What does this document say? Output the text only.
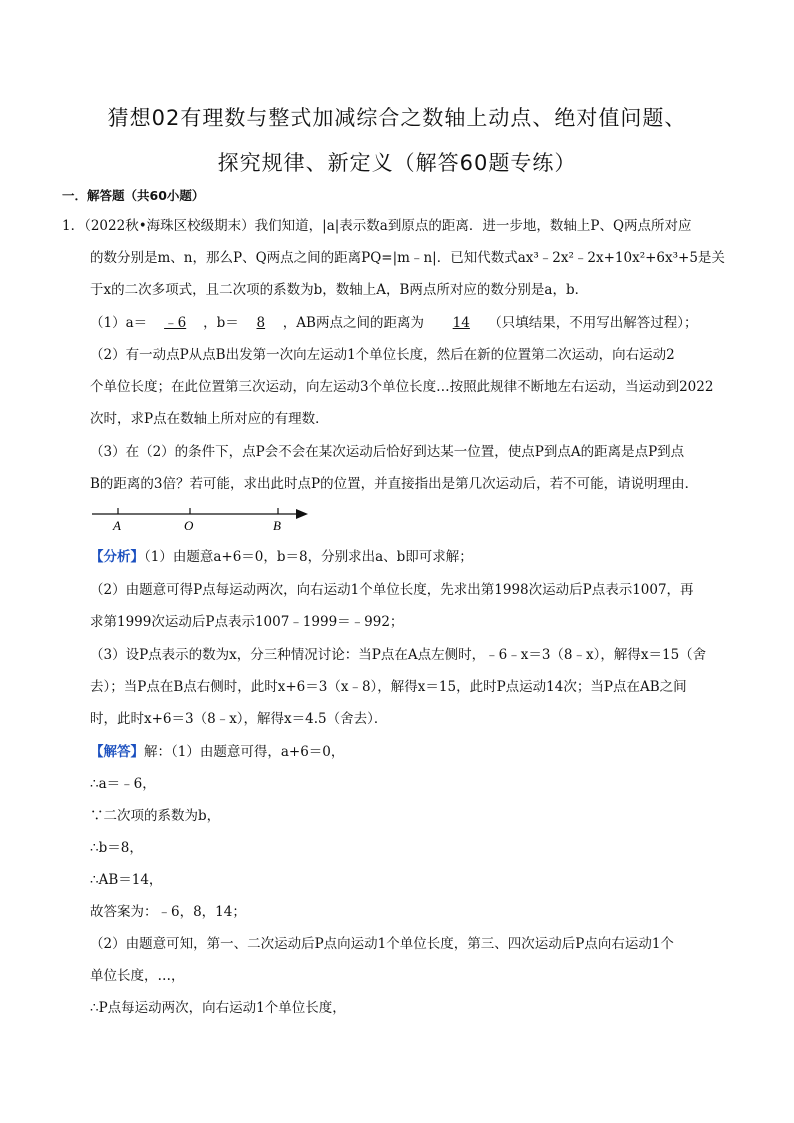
猜想02有理数与整式加减综合之数轴上动点、绝对值问题、
探究规律、新定义（解答60题专练）
一．解答题（共60小题）
1．（2022秋•海珠区校级期末）我们知道，|a|表示数a到原点的距离．进一步地，数轴上P、Q两点所对应
的数分别是m、n，那么P、Q两点之间的距离PQ=|m﹣n|．已知代数式ax³﹣2x²﹣2x+10x²+6x³+5是关
于x的二次多项式，且二次项的系数为b，数轴上A，B两点所对应的数分别是a，b．
（1）a＝ ﹣6 ，b＝ 8 ，AB两点之间的距离为 14 （只填结果，不用写出解答过程）；
（2）有一动点P从点B出发第一次向左运动1个单位长度，然后在新的位置第二次运动，向右运动2
个单位长度；在此位置第三次运动，向左运动3个单位长度…按照此规律不断地左右运动，当运动到2022
次时，求P点在数轴上所对应的有理数．
（3）在（2）的条件下，点P会不会在某次运动后恰好到达某一位置，使点P到点A的距离是点P到点
B的距离的3倍？若可能，求出此时点P的位置，并直接指出是第几次运动后，若不可能，请说明理由．
A	O	B
【分析】（1）由题意a+6＝0，b＝8，分别求出a、b即可求解；
（2）由题意可得P点每运动两次，向右运动1个单位长度，先求出第1998次运动后P点表示1007，再
求第1999次运动后P点表示1007﹣1999＝﹣992；
（3）设P点表示的数为x，分三种情况讨论：当P点在A点左侧时，﹣6﹣x＝3（8﹣x），解得x＝15（舍
去）；当P点在B点右侧时，此时x+6＝3（x﹣8），解得x＝15，此时P点运动14次；当P点在AB之间
时，此时x+6＝3（8﹣x），解得x＝4.5（舍去）．
【解答】解：（1）由题意可得，a+6＝0，
∴a＝﹣6，
∵二次项的系数为b，
∴b＝8，
∴AB＝14，
故答案为：﹣6，8，14；
（2）由题意可知，第一、二次运动后P点向运动1个单位长度，第三、四次运动后P点向右运动1个
单位长度，…，
∴P点每运动两次，向右运动1个单位长度，
